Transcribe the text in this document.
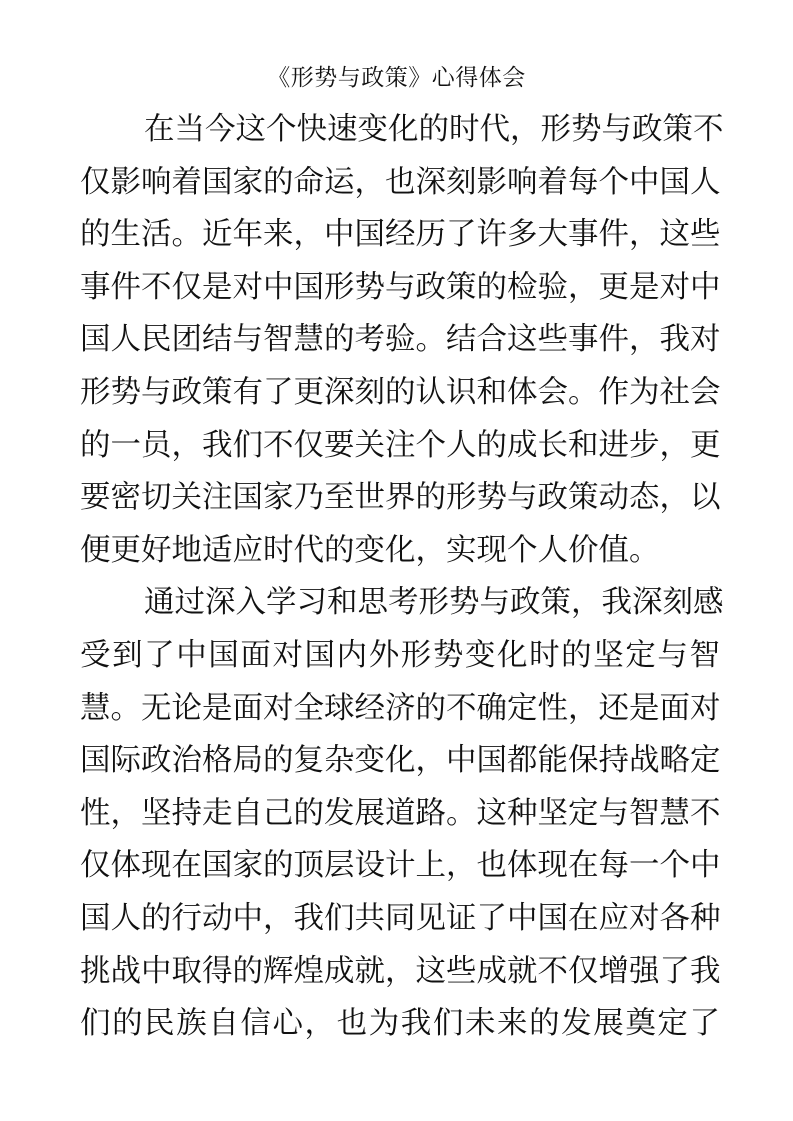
《形势与政策》心得体会
在当今这个快速变化的时代，形势与政策不
仅影响着国家的命运，也深刻影响着每个中国人
的生活。近年来，中国经历了许多大事件，这些
事件不仅是对中国形势与政策的检验，更是对中
国人民团结与智慧的考验。结合这些事件，我对
形势与政策有了更深刻的认识和体会。作为社会
的一员，我们不仅要关注个人的成长和进步，更
要密切关注国家乃至世界的形势与政策动态，以
便更好地适应时代的变化，实现个人价值。
通过深入学习和思考形势与政策，我深刻感
受到了中国面对国内外形势变化时的坚定与智
慧。无论是面对全球经济的不确定性，还是面对
国际政治格局的复杂变化，中国都能保持战略定
性，坚持走自己的发展道路。这种坚定与智慧不
仅体现在国家的顶层设计上，也体现在每一个中
国人的行动中，我们共同见证了中国在应对各种
挑战中取得的辉煌成就，这些成就不仅增强了我
们的民族自信心，也为我们未来的发展奠定了
